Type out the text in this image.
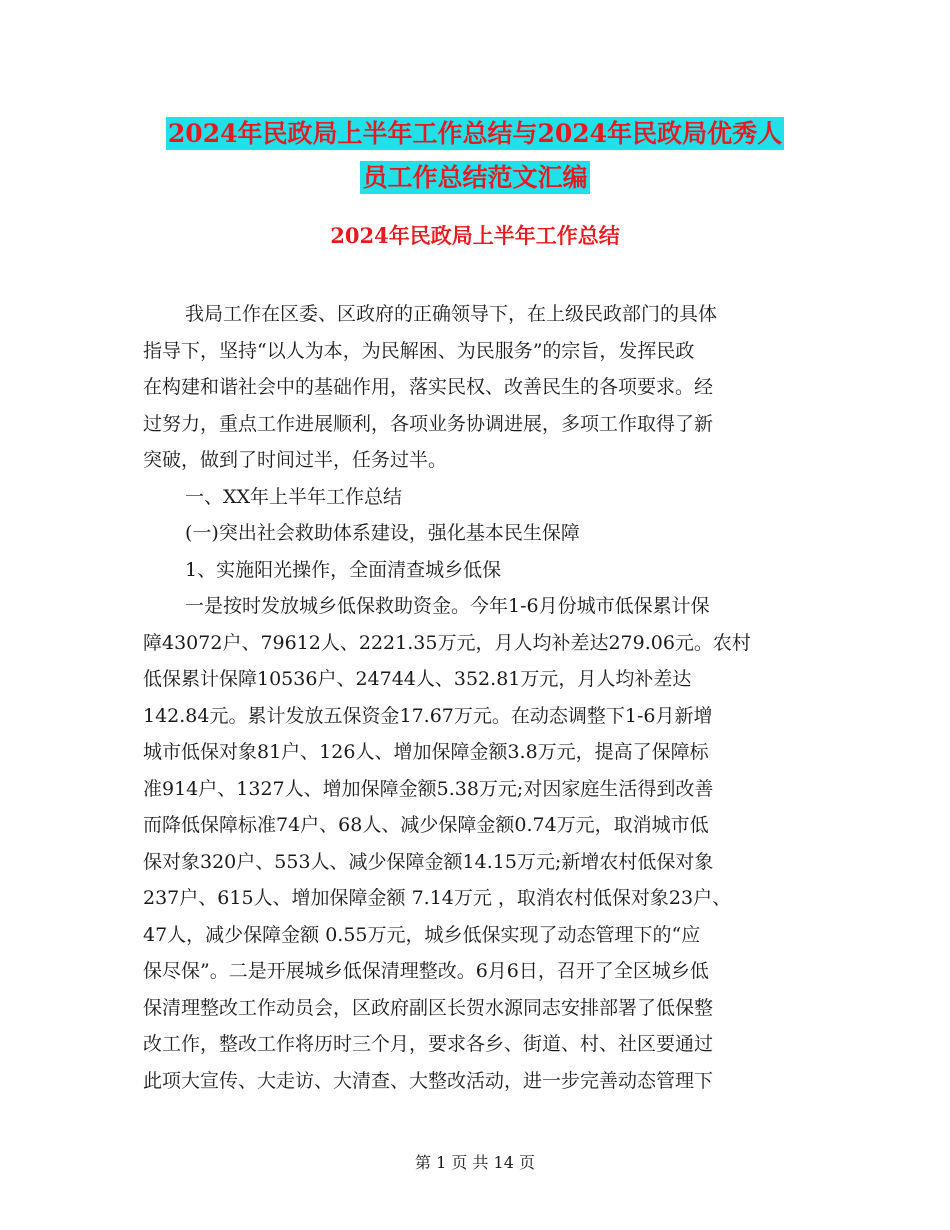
2024年民政局上半年工作总结与2024年民政局优秀人
员工作总结范文汇编
2024年民政局上半年工作总结
我局工作在区委、区政府的正确领导下，在上级民政部门的具体
指导下，坚持“以人为本，为民解困、为民服务”的宗旨，发挥民政
在构建和谐社会中的基础作用，落实民权、改善民生的各项要求。经
过努力，重点工作进展顺利，各项业务协调进展，多项工作取得了新
突破，做到了时间过半，任务过半。
一、XX年上半年工作总结
(一)突出社会救助体系建设，强化基本民生保障
1、实施阳光操作，全面清查城乡低保
一是按时发放城乡低保救助资金。今年1-6月份城市低保累计保
障43072户、79612人、2221.35万元，月人均补差达279.06元。农村
低保累计保障10536户、24744人、352.81万元，月人均补差达
142.84元。累计发放五保资金17.67万元。在动态调整下1-6月新增
城市低保对象81户、126人、增加保障金额3.8万元，提高了保障标
准914户、1327人、增加保障金额5.38万元;对因家庭生活得到改善
而降低保障标准74户、68人、减少保障金额0.74万元，取消城市低
保对象320户、553人、减少保障金额14.15万元;新增农村低保对象
237户、615人、增加保障金额 7.14万元 ，取消农村低保对象23户、
47人，减少保障金额 0.55万元，城乡低保实现了动态管理下的“应
保尽保”。二是开展城乡低保清理整改。6月6日，召开了全区城乡低
保清理整改工作动员会，区政府副区长贺水源同志安排部署了低保整
改工作，整改工作将历时三个月，要求各乡、街道、村、社区要通过
此项大宣传、大走访、大清查、大整改活动，进一步完善动态管理下
第 1 页 共 14 页
